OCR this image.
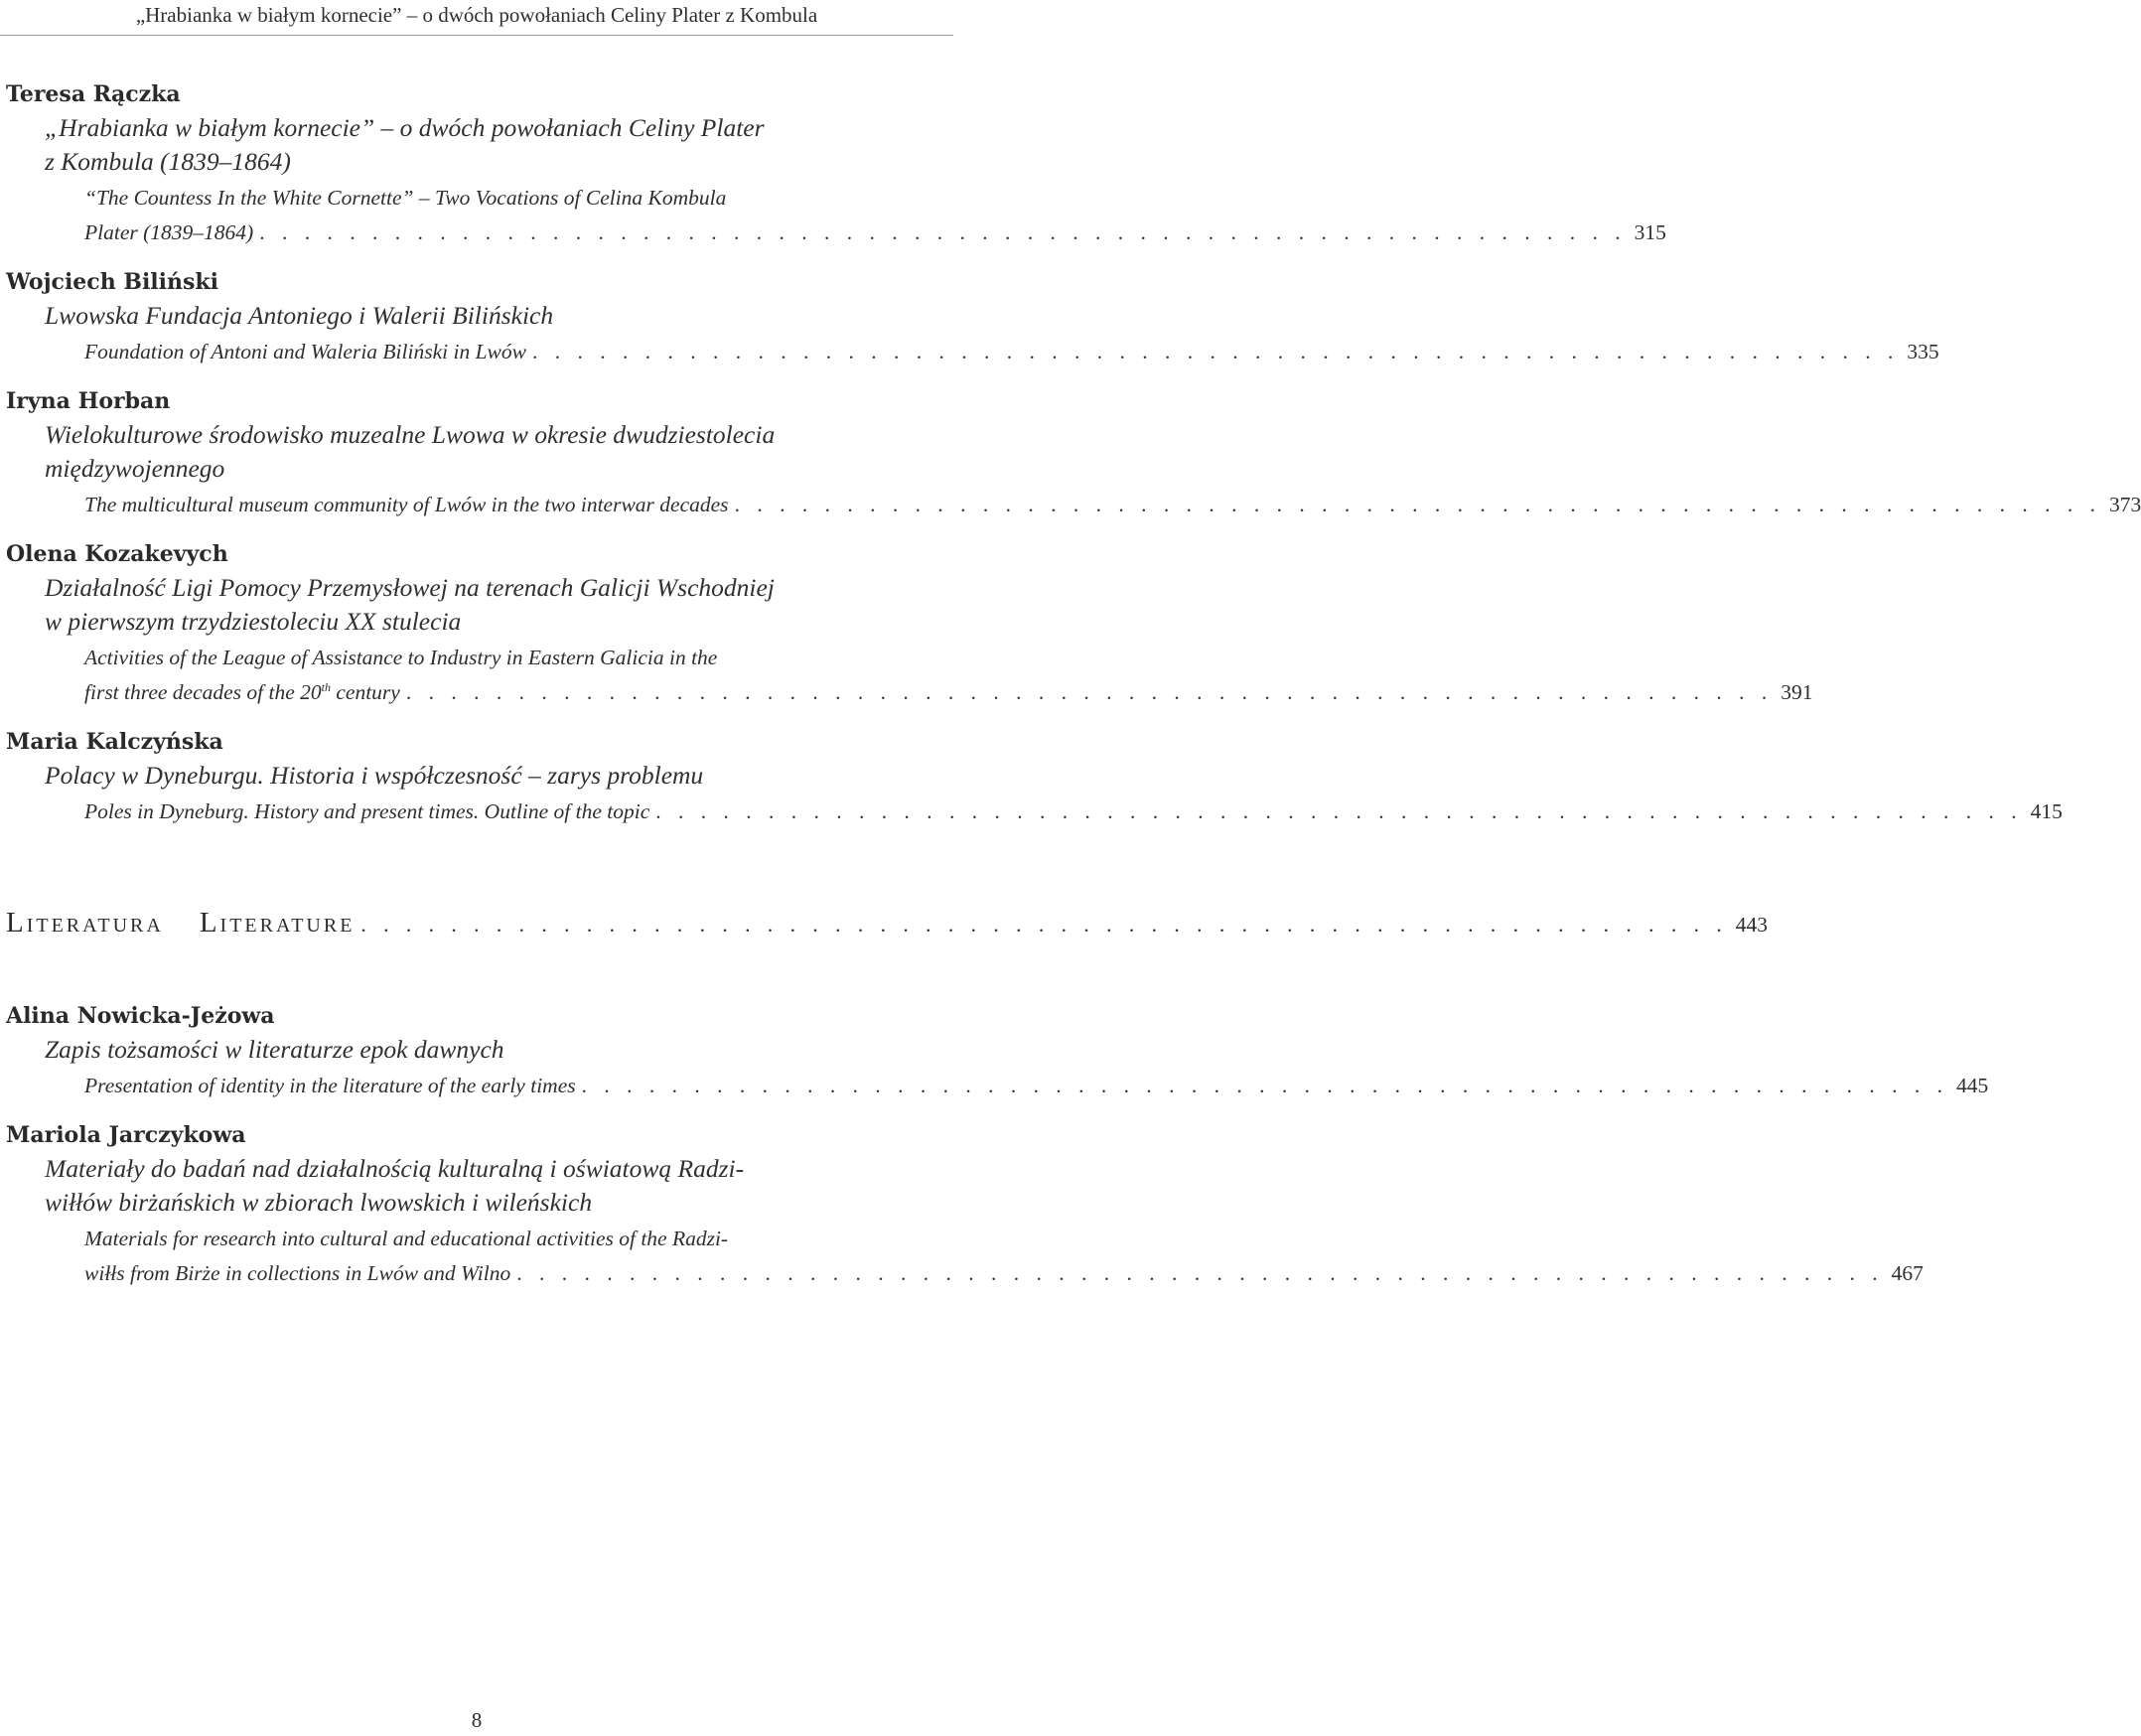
„Hrabianka w białym kornecie” – o dwóch powołaniach Celiny Plater z Kombula
Teresa Rączka
„Hrabianka w białym kornecie” – o dwóch powołaniach Celiny Plater
z Kombula (1839–1864)
“The Countess In the White Cornette” – Two Vocations of Celina Kombula
Plater (1839–1864) . . . . . . . . . . . . . . . . . . . . . . . . . . . . . . . . . . . . . . . . . . . . . . . . . . . . . . . . . . . . . 315
Wojciech Biliński
Lwowska Fundacja Antoniego i Walerii Bilińskich
Foundation of Antoni and Waleria Biliński in Lwów . . . . . . . . . . . . . . . . . . . . . . . . . . . . . . . . . . . . . . . . . . . . . . . . . . . . . . . . . . . . . 335
Iryna Horban
Wielokulturowe środowisko muzealne Lwowa w okresie dwudziestolecia
międzywojennego
The multicultural museum community of Lwów in the two interwar decades . . . . . . . . . . . . . . . . . . . . . . . . . . . . . . . . . . . . . . . . . . . . . . . . . . . . . . . . . . . . . 373
Olena Kozakevych
Działalność Ligi Pomocy Przemysłowej na terenach Galicji Wschodniej
w pierwszym trzydziestoleciu XX stulecia
Activities of the League of Assistance to Industry in Eastern Galicia in the
first three decades of the 20th century . . . . . . . . . . . . . . . . . . . . . . . . . . . . . . . . . . . . . . . . . . . . . . . . . . . . . . . . . . . . . 391
Maria Kalczyńska
Polacy w Dyneburgu. Historia i współczesność – zarys problemu
Poles in Dyneburg. History and present times. Outline of the topic . . . . . . . . . . . . . . . . . . . . . . . . . . . . . . . . . . . . . . . . . . . . . . . . . . . . . . . . . . . . . 415
Literatura Literature . . . . . . . . . . . . . . . . . . . . . . . . . . . . . . . . . . . . . . . . . . . . . . . . . . . . . . . . . . . . . 443
Alina Nowicka-Jeżowa
Zapis tożsamości w literaturze epok dawnych
Presentation of identity in the literature of the early times . . . . . . . . . . . . . . . . . . . . . . . . . . . . . . . . . . . . . . . . . . . . . . . . . . . . . . . . . . . . . 445
Mariola Jarczykowa
Materiały do badań nad działalnością kulturalną i oświatową Radzi-
wiłłów birżańskich w zbiorach lwowskich i wileńskich
Materials for research into cultural and educational activities of the Radzi-
wiłłs from Birże in collections in Lwów and Wilno . . . . . . . . . . . . . . . . . . . . . . . . . . . . . . . . . . . . . . . . . . . . . . . . . . . . . . . . . . . . . 467
8
